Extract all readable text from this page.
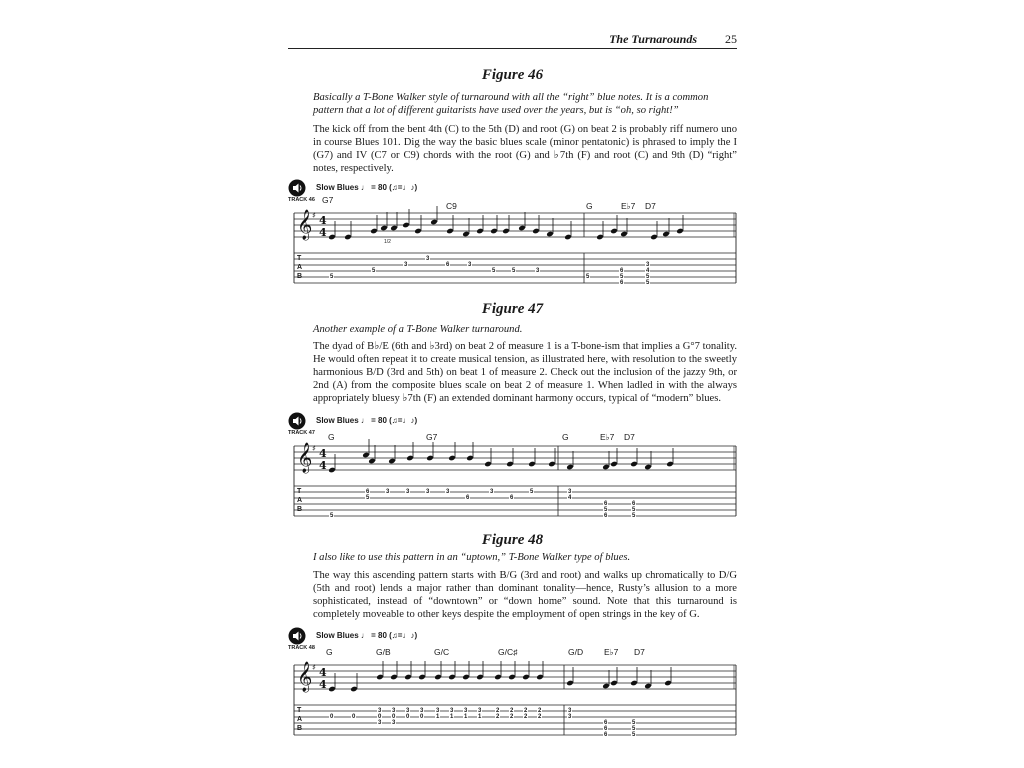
The Turnarounds 25
Figure 46

Basically a T-Bone Walker style of turnaround with all the “right” blue notes. It is a common pattern that a lot of different guitarists have used over the years, but is “oh, so right!”

The kick off from the bent 4th (C) to the 5th (D) and root (G) on beat 2 is probably riff numero uno in course Blues 101. Dig the way the basic blues scale (minor pentatonic) is phrased to imply the I (G7) and IV (C7 or C9) chords with the root (G) and ♭7th (F) and root (C) and 9th (D) “right” notes, respectively.

TRACK 46
Slow Blues ♩ = 80 (♫=♩♪)
G7
C9	G	E♭7 D7
1/2
𝄞 ♯ 4
4
T
A
B	5
5
3
3
6	3
5	5	3
5
6
5
6
3
4
5
5
Figure 47

Another example of a T-Bone Walker turnaround.

The dyad of B♭/E (6th and ♭3rd) on beat 2 of measure 1 is a T-bone-ism that implies a G°7 tonality. He would often repeat it to create musical tension, as illustrated here, with resolution to the sweetly harmonious B/D (3rd and 5th) on beat 1 of measure 2. Check out the inclusion of the jazzy 9th, or 2nd (A) from the composite blues scale on beat 2 of measure 1. When ladled in with the always appropriately bluesy ♭7th (F) an extended dominant harmony occurs, typical of “modern” blues.

TRACK 47
Slow Blues ♩ = 80 (♫=♩♪)
G	G7	G	E♭7 D7
𝄞 ♯ 4
4
T
A
B
5
6
5
3	3	3	3
6
3
6
5	3
4
6
5
6
5
6	5
Figure 48

I also like to use this pattern in an “uptown,” T-Bone Walker type of blues.

The way this ascending pattern starts with B/G (3rd and root) and walks up chromatically to D/G (5th and root) lends a major rather than dominant tonality—hence, Rusty’s allusion to a more sophisticated, instead of “downtown” or “down home” sound. Note that this turnaround is completely moveable to other keys despite the employment of open strings in the key of G.

TRACK 48
Slow Blues ♩ = 80 (♫=♩♪)
G	G/B	G/C	G/C♯	G/D E♭7 D7
𝄞 ♯ 4
4
T
A
B
0	0
3 3 3 3 3 3 3 3 2 2 2 2	3
3
0 0 0 0 1 1 1 1 2 2 2 2
3 3	6	5
6	5
6	5
